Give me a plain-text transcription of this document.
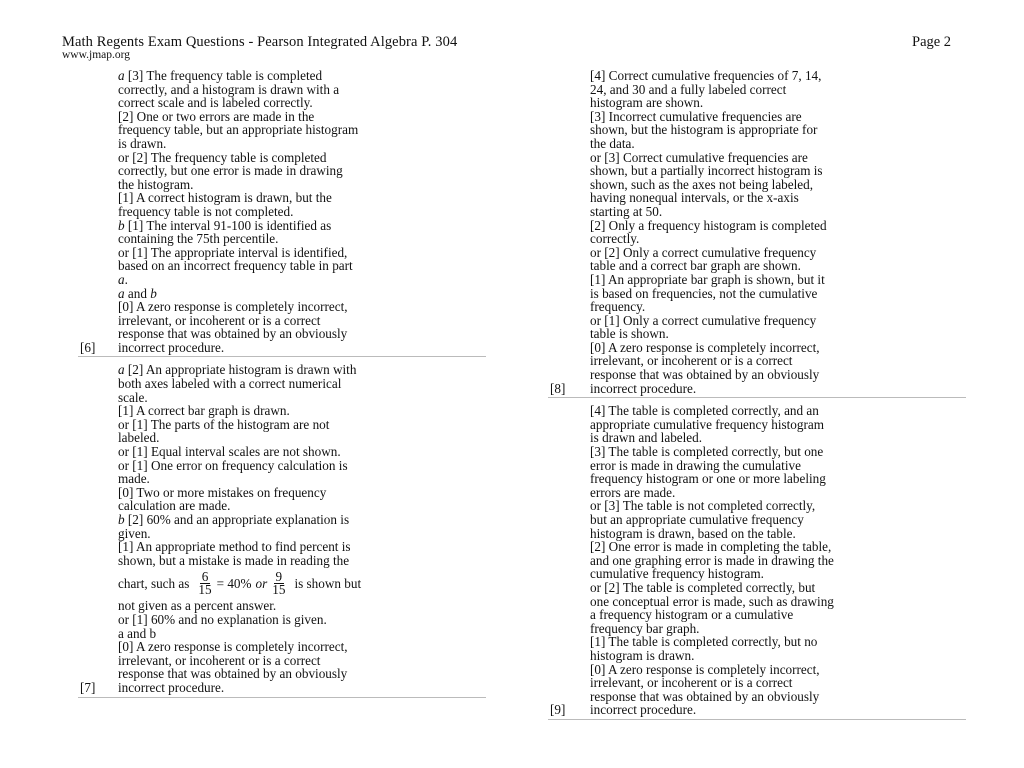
Math Regents Exam Questions - Pearson Integrated Algebra P. 304	Page 2
www.jmap.org
a [3] The frequency table is completed
correctly, and a histogram is drawn with a
correct scale and is labeled correctly.
[2] One or two errors are made in the
frequency table, but an appropriate histogram
is drawn.
or [2] The frequency table is completed
correctly, but one error is made in drawing
the histogram.
[1] A correct histogram is drawn, but the
frequency table is not completed.
b [1] The interval 91-100 is identified as
containing the 75th percentile.
or [1] The appropriate interval is identified,
based on an incorrect frequency table in part
a.
a and b
[0] A zero response is completely incorrect,
irrelevant, or incoherent or is a correct
response that was obtained by an obviously
incorrect procedure.
[6]
[7]
a [2] An appropriate histogram is drawn with
both axes labeled with a correct numerical
scale.
[1] A correct bar graph is drawn.
or [1] The parts of the histogram are not
labeled.
or [1] Equal interval scales are not shown.
or [1] One error on frequency calculation is
made.
[0] Two or more mistakes on frequency
calculation are made.
b [2] 60% and an appropriate explanation is
given.
[1] An appropriate method to find percent is
shown, but a mistake is made in reading the
chart, such as $\frac{6}{15} = 40\%$ or $\frac{9}{15}$ is shown but
not given as a percent answer.
or [1] 60% and no explanation is given.
a and b
[0] A zero response is completely incorrect,
irrelevant, or incoherent or is a correct
response that was obtained by an obviously
incorrect procedure.
[4] Correct cumulative frequencies of 7, 14,
24, and 30 and a fully labeled correct
histogram are shown.
[3] Incorrect cumulative frequencies are
shown, but the histogram is appropriate for
the data.
or [3] Correct cumulative frequencies are
shown, but a partially incorrect histogram is
shown, such as the axes not being labeled,
having nonequal intervals, or the x-axis
starting at 50.
[2] Only a frequency histogram is completed
correctly.
or [2] Only a correct cumulative frequency
table and a correct bar graph are shown.
[1] An appropriate bar graph is shown, but it
is based on frequencies, not the cumulative
frequency.
or [1] Only a correct cumulative frequency
table is shown.
[0] A zero response is completely incorrect,
irrelevant, or incoherent or is a correct
response that was obtained by an obviously
incorrect procedure.
[8]
[4] The table is completed correctly, and an
appropriate cumulative frequency histogram
is drawn and labeled.
[3] The table is completed correctly, but one
error is made in drawing the cumulative
frequency histogram or one or more labeling
errors are made.
or [3] The table is not completed correctly,
but an appropriate cumulative frequency
histogram is drawn, based on the table.
[2] One error is made in completing the table,
and one graphing error is made in drawing the
cumulative frequency histogram.
or [2] The table is completed correctly, but
one conceptual error is made, such as drawing
a frequency histogram or a cumulative
frequency bar graph.
[1] The table is completed correctly, but no
histogram is drawn.
[0] A zero response is completely incorrect,
irrelevant, or incoherent or is a correct
response that was obtained by an obviously
incorrect procedure.
[9]
